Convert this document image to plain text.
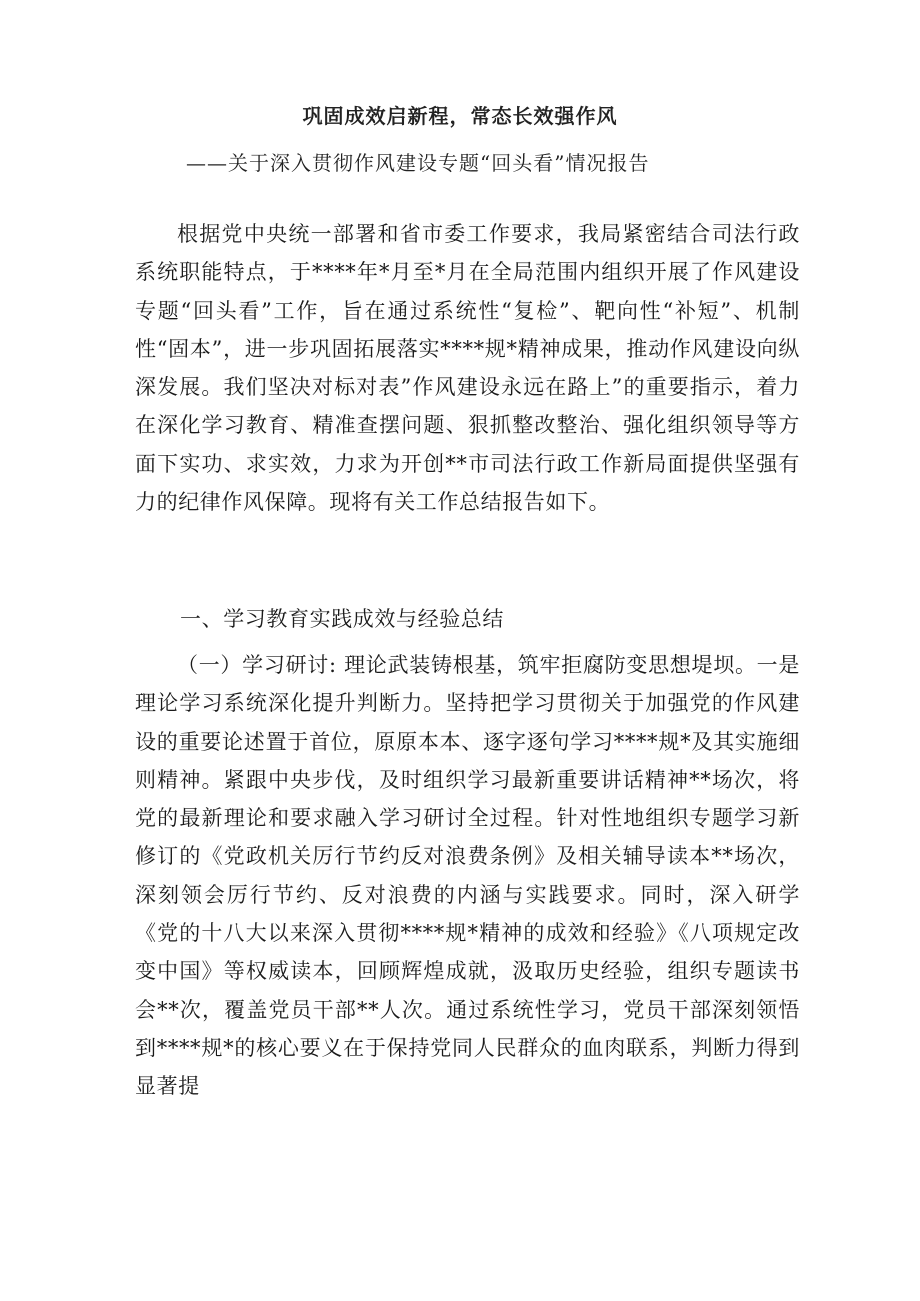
巩固成效启新程，常态长效强作风
——关于深入贯彻作风建设专题“回头看”情况报告

根据党中央统一部署和省市委工作要求，我局紧密结合司法行政系统职能特点，于****年*月至*月在全局范围内组织开展了作风建设专题“回头看”工作，旨在通过系统性“复检”、靶向性“补短”、机制性“固本”，进一步巩固拓展落实****规*精神成果，推动作风建设向纵深发展。我们坚决对标对表”作风建设永远在路上”的重要指示，着力在深化学习教育、精准查摆问题、狠抓整改整治、强化组织领导等方面下实功、求实效，力求为开创**市司法行政工作新局面提供坚强有力的纪律作风保障。现将有关工作总结报告如下。

一、学习教育实践成效与经验总结

（一）学习研讨: 理论武装铸根基，筑牢拒腐防变思想堤坝。一是理论学习系统深化提升判断力。坚持把学习贯彻关于加强党的作风建设的重要论述置于首位，原原本本、逐字逐句学习****规*及其实施细则精神。紧跟中央步伐，及时组织学习最新重要讲话精神**场次，将党的最新理论和要求融入学习研讨全过程。针对性地组织专题学习新修订的《党政机关厉行节约反对浪费条例》及相关辅导读本**场次，深刻领会厉行节约、反对浪费的内涵与实践要求。同时，深入研学《党的十八大以来深入贯彻****规*精神的成效和经验》《八项规定改变中国》等权威读本，回顾辉煌成就，汲取历史经验，组织专题读书会**次，覆盖党员干部**人次。通过系统性学习，党员干部深刻领悟到****规*的核心要义在于保持党同人民群众的血肉联系，判断力得到显著提
